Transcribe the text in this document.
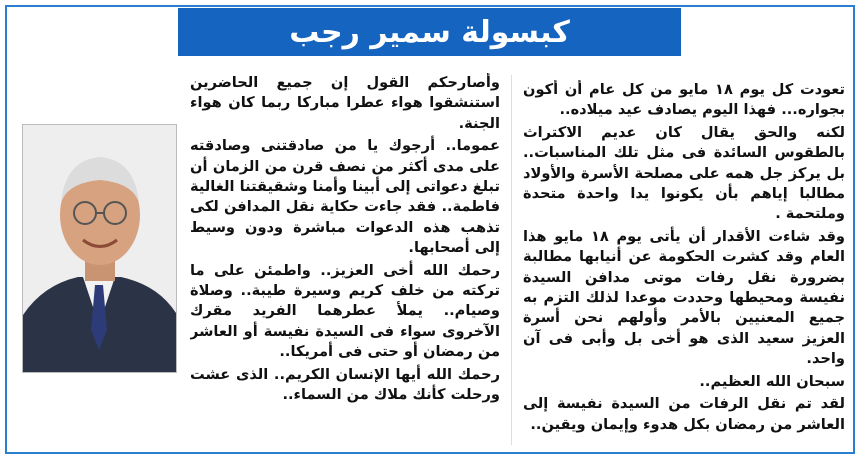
كبسولة سمير رجب

تعودت كل يوم ١٨ مايو من كل عام أن أكون بجواره... فهذا اليوم يصادف عيد ميلاده..

لكنه والحق يقال كان عديم الاكتراث بالطقوس السائدة فى مثل تلك المناسبات.. بل يركز جل همه على مصلحة الأسرة والأولاد مطالبا إياهم بأن يكونوا يدا واحدة متحدة وملتحمة .

وقد شاءت الأقدار أن يأتى يوم ١٨ مايو هذا العام وقد كشرت الحكومة عن أنيابها مطالبة بضرورة نقل رفات موتى مدافن السيدة نفيسة ومحيطها وحددت موعدا لذلك التزم به جميع المعنيين بالأمر وأولهم نحن أسرة العزيز سعيد الذى هو أخى بل وأبى فى آن واحد.

سبحان الله العظيم..

لقد تم نقل الرفات من السيدة نفيسة إلى العاشر من رمضان بكل هدوء وإيمان ويقين..

وأصارحكم القول إن جميع الحاضرين استنشقوا هواء عطرا مباركا ربما كان هواء الجنة.

عموما.. أرجوك يا من صادقتنى وصادقته على مدى أكثر من نصف قرن من الزمان أن تبلغ دعواتى إلى أبينا وأمنا وشقيقتنا الغالية فاطمة.. فقد جاءت حكاية نقل المدافن لكى تذهب هذه الدعوات مباشرة ودون وسيط إلى أصحابها.

رحمك الله أخى العزيز.. واطمئن على ما تركته من خلف كريم وسيرة طيبة.. وصلاة وصيام.. يملأ عطرهما الفريد مقرك الآخروى سواء فى السيدة نفيسة أو العاشر من رمضان أو حتى فى أمريكا..

رحمك الله أيها الإنسان الكريم.. الذى عشت ورحلت كأنك ملاك من السماء..
